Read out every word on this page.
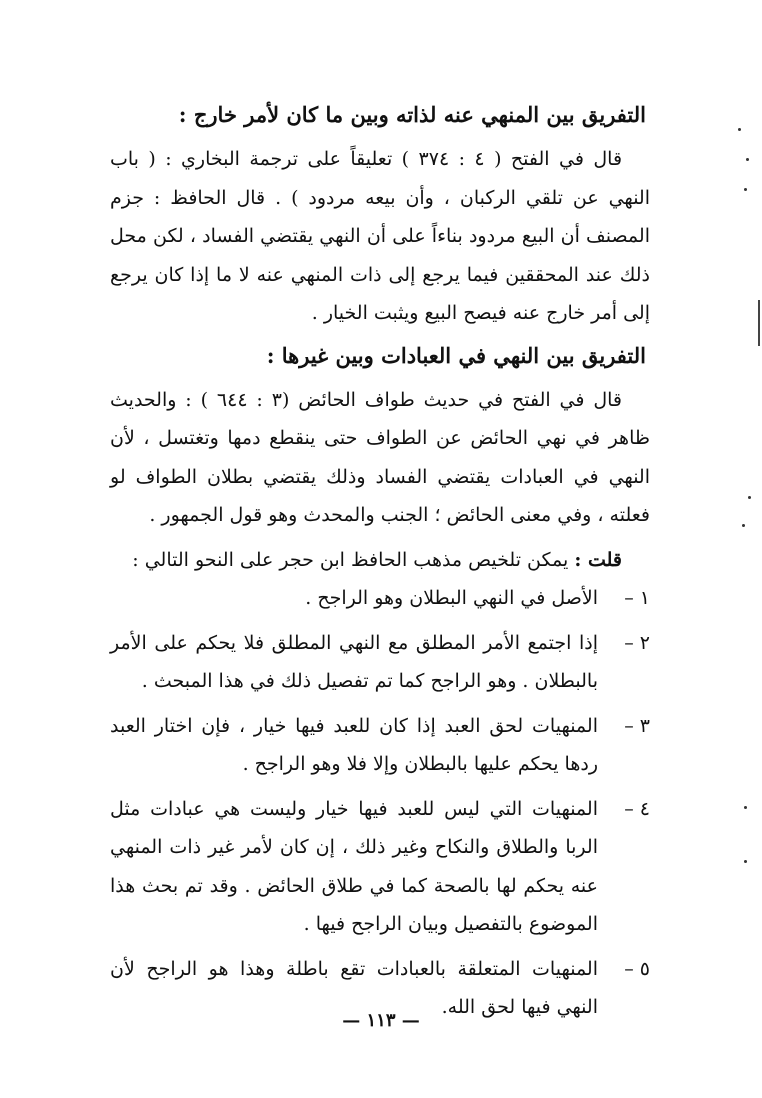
التفريق بين المنهي عنه لذاته وبين ما كان لأمر خارج :

قال في الفتح ( ٤ : ٣٧٤ ) تعليقاً على ترجمة البخاري : ( باب النهي عن تلقي الركبان ، وأن بيعه مردود ) . قال الحافظ : جزم المصنف أن البيع مردود بناءاً على أن النهي يقتضي الفساد ، لكن محل ذلك عند المحققين فيما يرجع إلى ذات المنهي عنه لا ما إذا كان يرجع إلى أمر خارج عنه فيصح البيع ويثبت الخيار .

التفريق بين النهي في العبادات وبين غيرها :

قال في الفتح في حديث طواف الحائض (٣ : ٦٤٤ ) : والحديث ظاهر في نهي الحائض عن الطواف حتى ينقطع دمها وتغتسل ، لأن النهي في العبادات يقتضي الفساد وذلك يقتضي بطلان الطواف لو فعلته ، وفي معنى الحائض ؛ الجنب والمحدث وهو قول الجمهور .

قلت : يمكن تلخيص مذهب الحافظ ابن حجر على النحو التالي :

١ –
الأصل في النهي البطلان وهو الراجح .
٢ –
إذا اجتمع الأمر المطلق مع النهي المطلق فلا يحكم على الأمر بالبطلان . وهو الراجح كما تم تفصيل ذلك في هذا المبحث .
٣ –
المنهيات لحق العبد إذا كان للعبد فيها خيار ، فإن اختار العبد ردها يحكم عليها بالبطلان وإلا فلا وهو الراجح .
٤ –
المنهيات التي ليس للعبد فيها خيار وليست هي عبادات مثل الربا والطلاق والنكاح وغير ذلك ، إن كان لأمر غير ذات المنهي عنه يحكم لها بالصحة كما في طلاق الحائض . وقد تم بحث هذا الموضوع بالتفصيل وبيان الراجح فيها .
٥ –
المنهيات المتعلقة بالعبادات تقع باطلة وهذا هو الراجح لأن النهي فيها لحق الله.
— ١١٣ —
